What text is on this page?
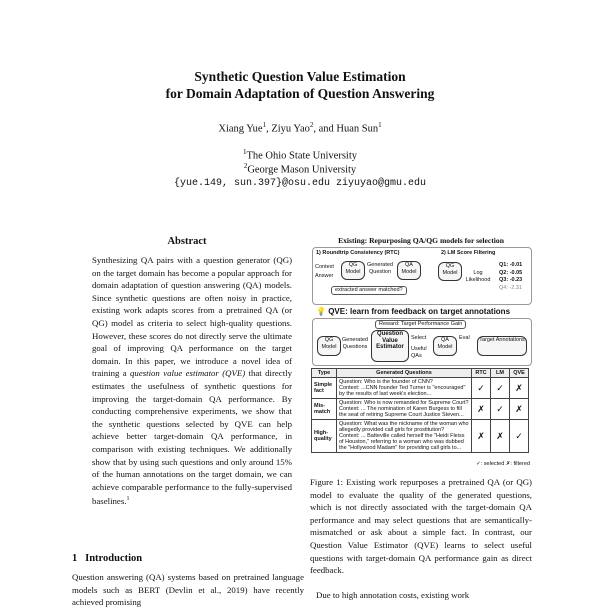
Synthetic Question Value Estimation
for Domain Adaptation of Question Answering
Xiang Yue$^1$, Ziyu Yao$^2$, and Huan Sun$^1$
$^1$The Ohio State University
$^2$George Mason University
{yue.149, sun.397}@osu.edu ziyuyao@gmu.edu
Abstract
Synthesizing QA pairs with a question generator (QG) on the target domain has become a popular approach for domain adaptation of question answering (QA) models. Since synthetic questions are often noisy in practice, existing work adapts scores from a pretrained QA (or QG) model as criteria to select high-quality questions. However, these scores do not directly serve the ultimate goal of improving QA performance on the target domain. In this paper, we introduce a novel idea of training a question value estimator (QVE) that directly estimates the usefulness of synthetic questions for improving the target-domain QA performance. By conducting comprehensive experiments, we show that the synthetic questions selected by QVE can help achieve better target-domain QA performance, in comparison with existing techniques. We additionally show that by using such questions and only around 15% of the human annotations on the target domain, we can achieve comparable performance to the fully-supervised baselines.$^1$
1 Introduction
Question answering (QA) systems based on pretrained language models such as BERT (Devlin et al., 2019) have recently achieved promising
Existing: Repurposing QA/QG models for selection
1) Roundtrip Consistency (RTC)	2) LM Score Filtering
Context
Answer
QG Model
Generated Question
QA Model
extracted answer matched?
QG Model	Log Likelihood
Q1: -0.01
Q2: -0.05
Q3: -0.23
Q4: -2.31
💡 QVE: learn from feedback on target annotations
Reward: Target Performance Gain
QG Model
Generated Questions
Question Value Estimator
Select
Useful QAs
QA Model
Eval	Target Annotations
Type	Generated Questions	RTC	LM	QVE
Simple fact	Question: Who is the founder of CNN?
Context: ...CNN founder Ted Turner is "encouraged" by the results of last week's election...	✓	✓	✗
Mis-match	Question: Who is now remanded for Supreme Court?
Context: ... The nomination of Karen Burgess to fill the seat of retiring Supreme Court Justice Steven...	✗	✓	✗
High-quality	Question: What was the nickname of the woman who allegedly provided call girls for prostitution?
Context: ... Batteville called herself the "Heidi Fleiss of Houston," referring to a woman who was dubbed the "Hollywood Madam" for providing call girls to...	✗	✗	✓
✓: selected ✗: filtered
Figure 1: Existing work repurposes a pretrained QA (or QG) model to evaluate the quality of the generated questions, which is not directly associated with the target-domain QA performance and may select questions that are semantically-mismatched or ask about a simple fact. In contrast, our Question Value Estimator (QVE) learns to select useful questions with target-domain QA performance gain as direct feedback.
Due to high annotation costs, existing work
